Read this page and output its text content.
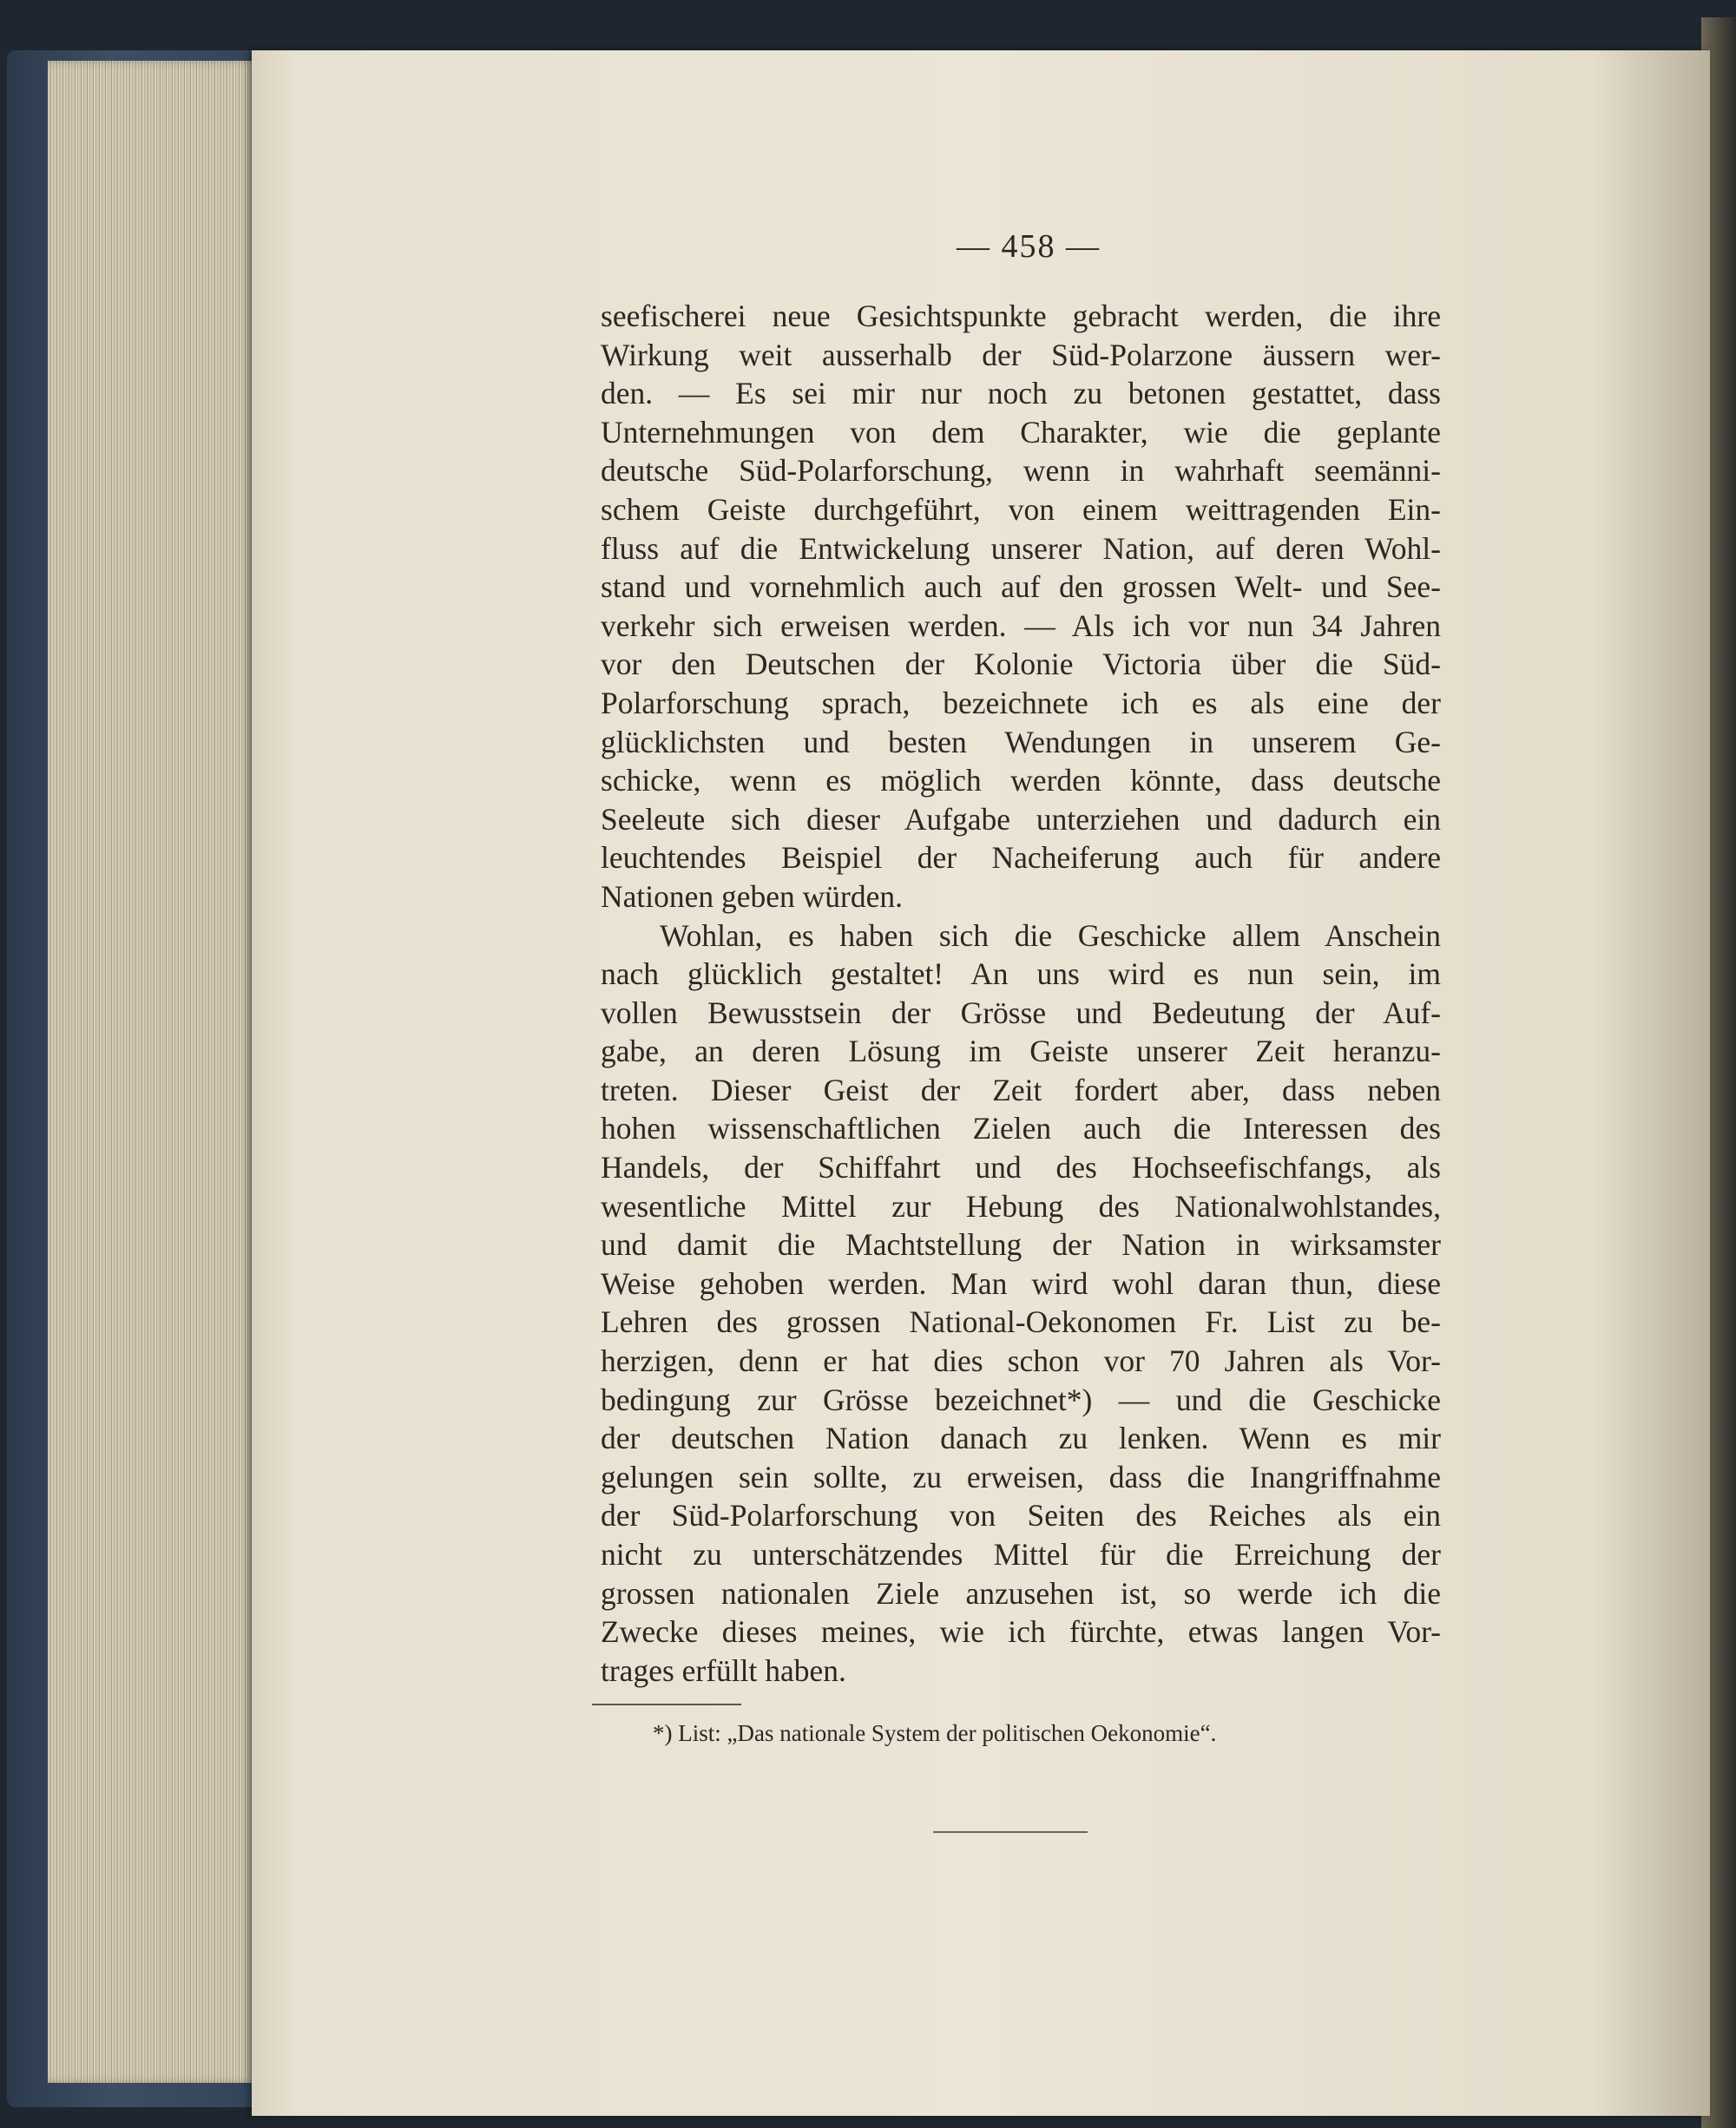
— 458 —
seefischerei neue Gesichtspunkte gebracht werden, die ihre
Wirkung weit ausserhalb der Süd-Polarzone äussern wer-
den. — Es sei mir nur noch zu betonen gestattet, dass
Unternehmungen von dem Charakter, wie die geplante
deutsche Süd-Polarforschung, wenn in wahrhaft seemänni-
schem Geiste durchgeführt, von einem weittragenden Ein-
fluss auf die Entwickelung unserer Nation, auf deren Wohl-
stand und vornehmlich auch auf den grossen Welt- und See-
verkehr sich erweisen werden. — Als ich vor nun 34 Jahren
vor den Deutschen der Kolonie Victoria über die Süd-
Polarforschung sprach, bezeichnete ich es als eine der
glücklichsten und besten Wendungen in unserem Ge-
schicke, wenn es möglich werden könnte, dass deutsche
Seeleute sich dieser Aufgabe unterziehen und dadurch ein
leuchtendes Beispiel der Nacheiferung auch für andere
Nationen geben würden.
Wohlan, es haben sich die Geschicke allem Anschein
nach glücklich gestaltet! An uns wird es nun sein, im
vollen Bewusstsein der Grösse und Bedeutung der Auf-
gabe, an deren Lösung im Geiste unserer Zeit heranzu-
treten. Dieser Geist der Zeit fordert aber, dass neben
hohen wissenschaftlichen Zielen auch die Interessen des
Handels, der Schiffahrt und des Hochseefischfangs, als
wesentliche Mittel zur Hebung des Nationalwohlstandes,
und damit die Machtstellung der Nation in wirksamster
Weise gehoben werden. Man wird wohl daran thun, diese
Lehren des grossen National-Oekonomen Fr. List zu be-
herzigen, denn er hat dies schon vor 70 Jahren als Vor-
bedingung zur Grösse bezeichnet*) — und die Geschicke
der deutschen Nation danach zu lenken. Wenn es mir
gelungen sein sollte, zu erweisen, dass die Inangriffnahme
der Süd-Polarforschung von Seiten des Reiches als ein
nicht zu unterschätzendes Mittel für die Erreichung der
grossen nationalen Ziele anzusehen ist, so werde ich die
Zwecke dieses meines, wie ich fürchte, etwas langen Vor-
trages erfüllt haben.
*) List: „Das nationale System der politischen Oekonomie“.
